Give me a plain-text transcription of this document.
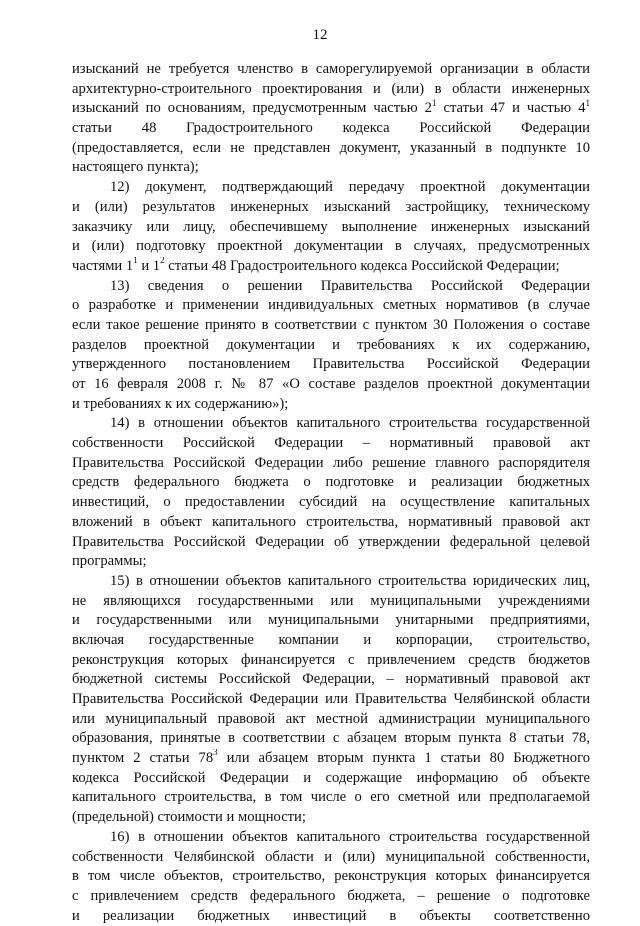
12
изысканий не требуется членство в саморегулируемой организации в области
архитектурно-строительного проектирования и (или) в области инженерных
изысканий по основаниям, предусмотренным частью $2^1$ статьи 47 и частью $4^1$
статьи 48 Градостроительного кодекса Российской Федерации
(предоставляется, если не представлен документ, указанный в подпункте 10
настоящего пункта);
12) документ, подтверждающий передачу проектной документации
и (или) результатов инженерных изысканий застройщику, техническому
заказчику или лицу, обеспечившему выполнение инженерных изысканий
и (или) подготовку проектной документации в случаях, предусмотренных
частями $1^1$ и $1^2$ статьи 48 Градостроительного кодекса Российской Федерации;
13) сведения о решении Правительства Российской Федерации
о разработке и применении индивидуальных сметных нормативов (в случае
если такое решение принято в соответствии с пунктом 30 Положения о составе
разделов проектной документации и требованиях к их содержанию,
утвержденного постановлением Правительства Российской Федерации
от 16 февраля 2008 г. № 87 «О составе разделов проектной документации
и требованиях к их содержанию»);
14) в отношении объектов капитального строительства государственной
собственности Российской Федерации – нормативный правовой акт
Правительства Российской Федерации либо решение главного распорядителя
средств федерального бюджета о подготовке и реализации бюджетных
инвестиций, о предоставлении субсидий на осуществление капитальных
вложений в объект капитального строительства, нормативный правовой акт
Правительства Российской Федерации об утверждении федеральной целевой
программы;
15) в отношении объектов капитального строительства юридических лиц,
не являющихся государственными или муниципальными учреждениями
и государственными или муниципальными унитарными предприятиями,
включая государственные компании и корпорации, строительство,
реконструкция которых финансируется с привлечением средств бюджетов
бюджетной системы Российской Федерации, – нормативный правовой акт
Правительства Российской Федерации или Правительства Челябинской области
или муниципальный правовой акт местной администрации муниципального
образования, принятые в соответствии с абзацем вторым пункта 8 статьи 78,
пунктом 2 статьи $78^3$ или абзацем вторым пункта 1 статьи 80 Бюджетного
кодекса Российской Федерации и содержащие информацию об объекте
капитального строительства, в том числе о его сметной или предполагаемой
(предельной) стоимости и мощности;
16) в отношении объектов капитального строительства государственной
собственности Челябинской области и (или) муниципальной собственности,
в том числе объектов, строительство, реконструкция которых финансируется
с привлечением средств федерального бюджета, – решение о подготовке
и реализации бюджетных инвестиций в объекты соответственно
